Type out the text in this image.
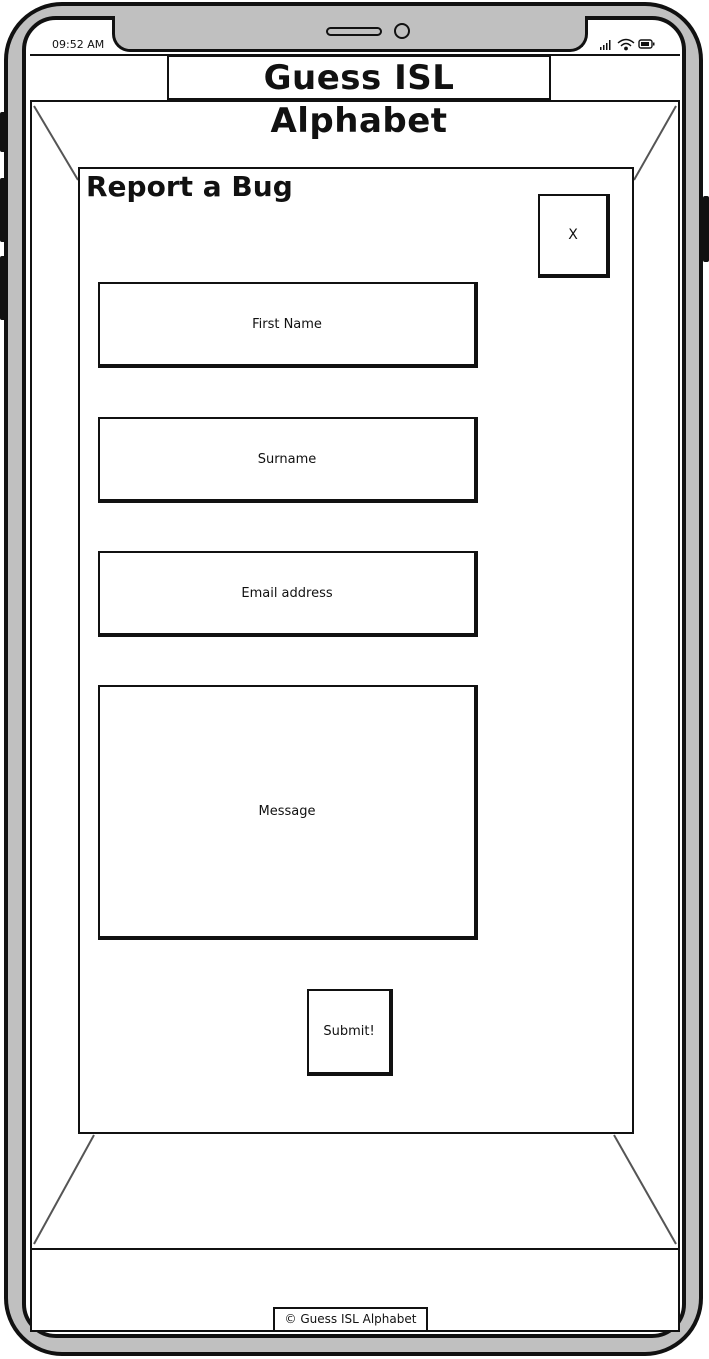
09:52 AM
Guess ISL Alphabet
Report a Bug
X
First Name
Surname
Email address
Message
Submit!
© Guess ISL Alphabet
